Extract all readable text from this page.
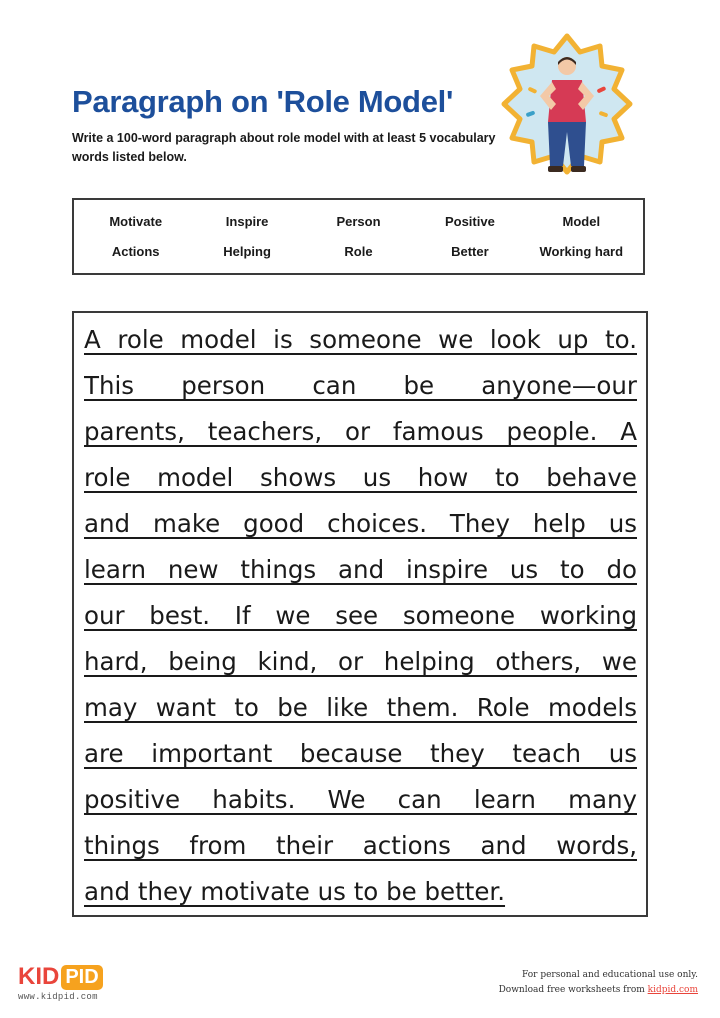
Paragraph on 'Role Model'
Write a 100-word paragraph about role model with at least 5 vocabulary words listed below.
Motivate	Inspire	Person	Positive	Model
Actions	Helping	Role	Better	Working hard
A role model is someone we look up to.
This person can be anyone—our
parents, teachers, or famous people. A
role model shows us how to behave
and make good choices. They help us
learn new things and inspire us to do
our best. If we see someone working
hard, being kind, or helping others, we
may want to be like them. Role models
are important because they teach us
positive habits. We can learn many
things from their actions and words,
and they motivate us to be better.
KID PID
www.kidpid.com
For personal and educational use only.
Download free worksheets from kidpid.com
